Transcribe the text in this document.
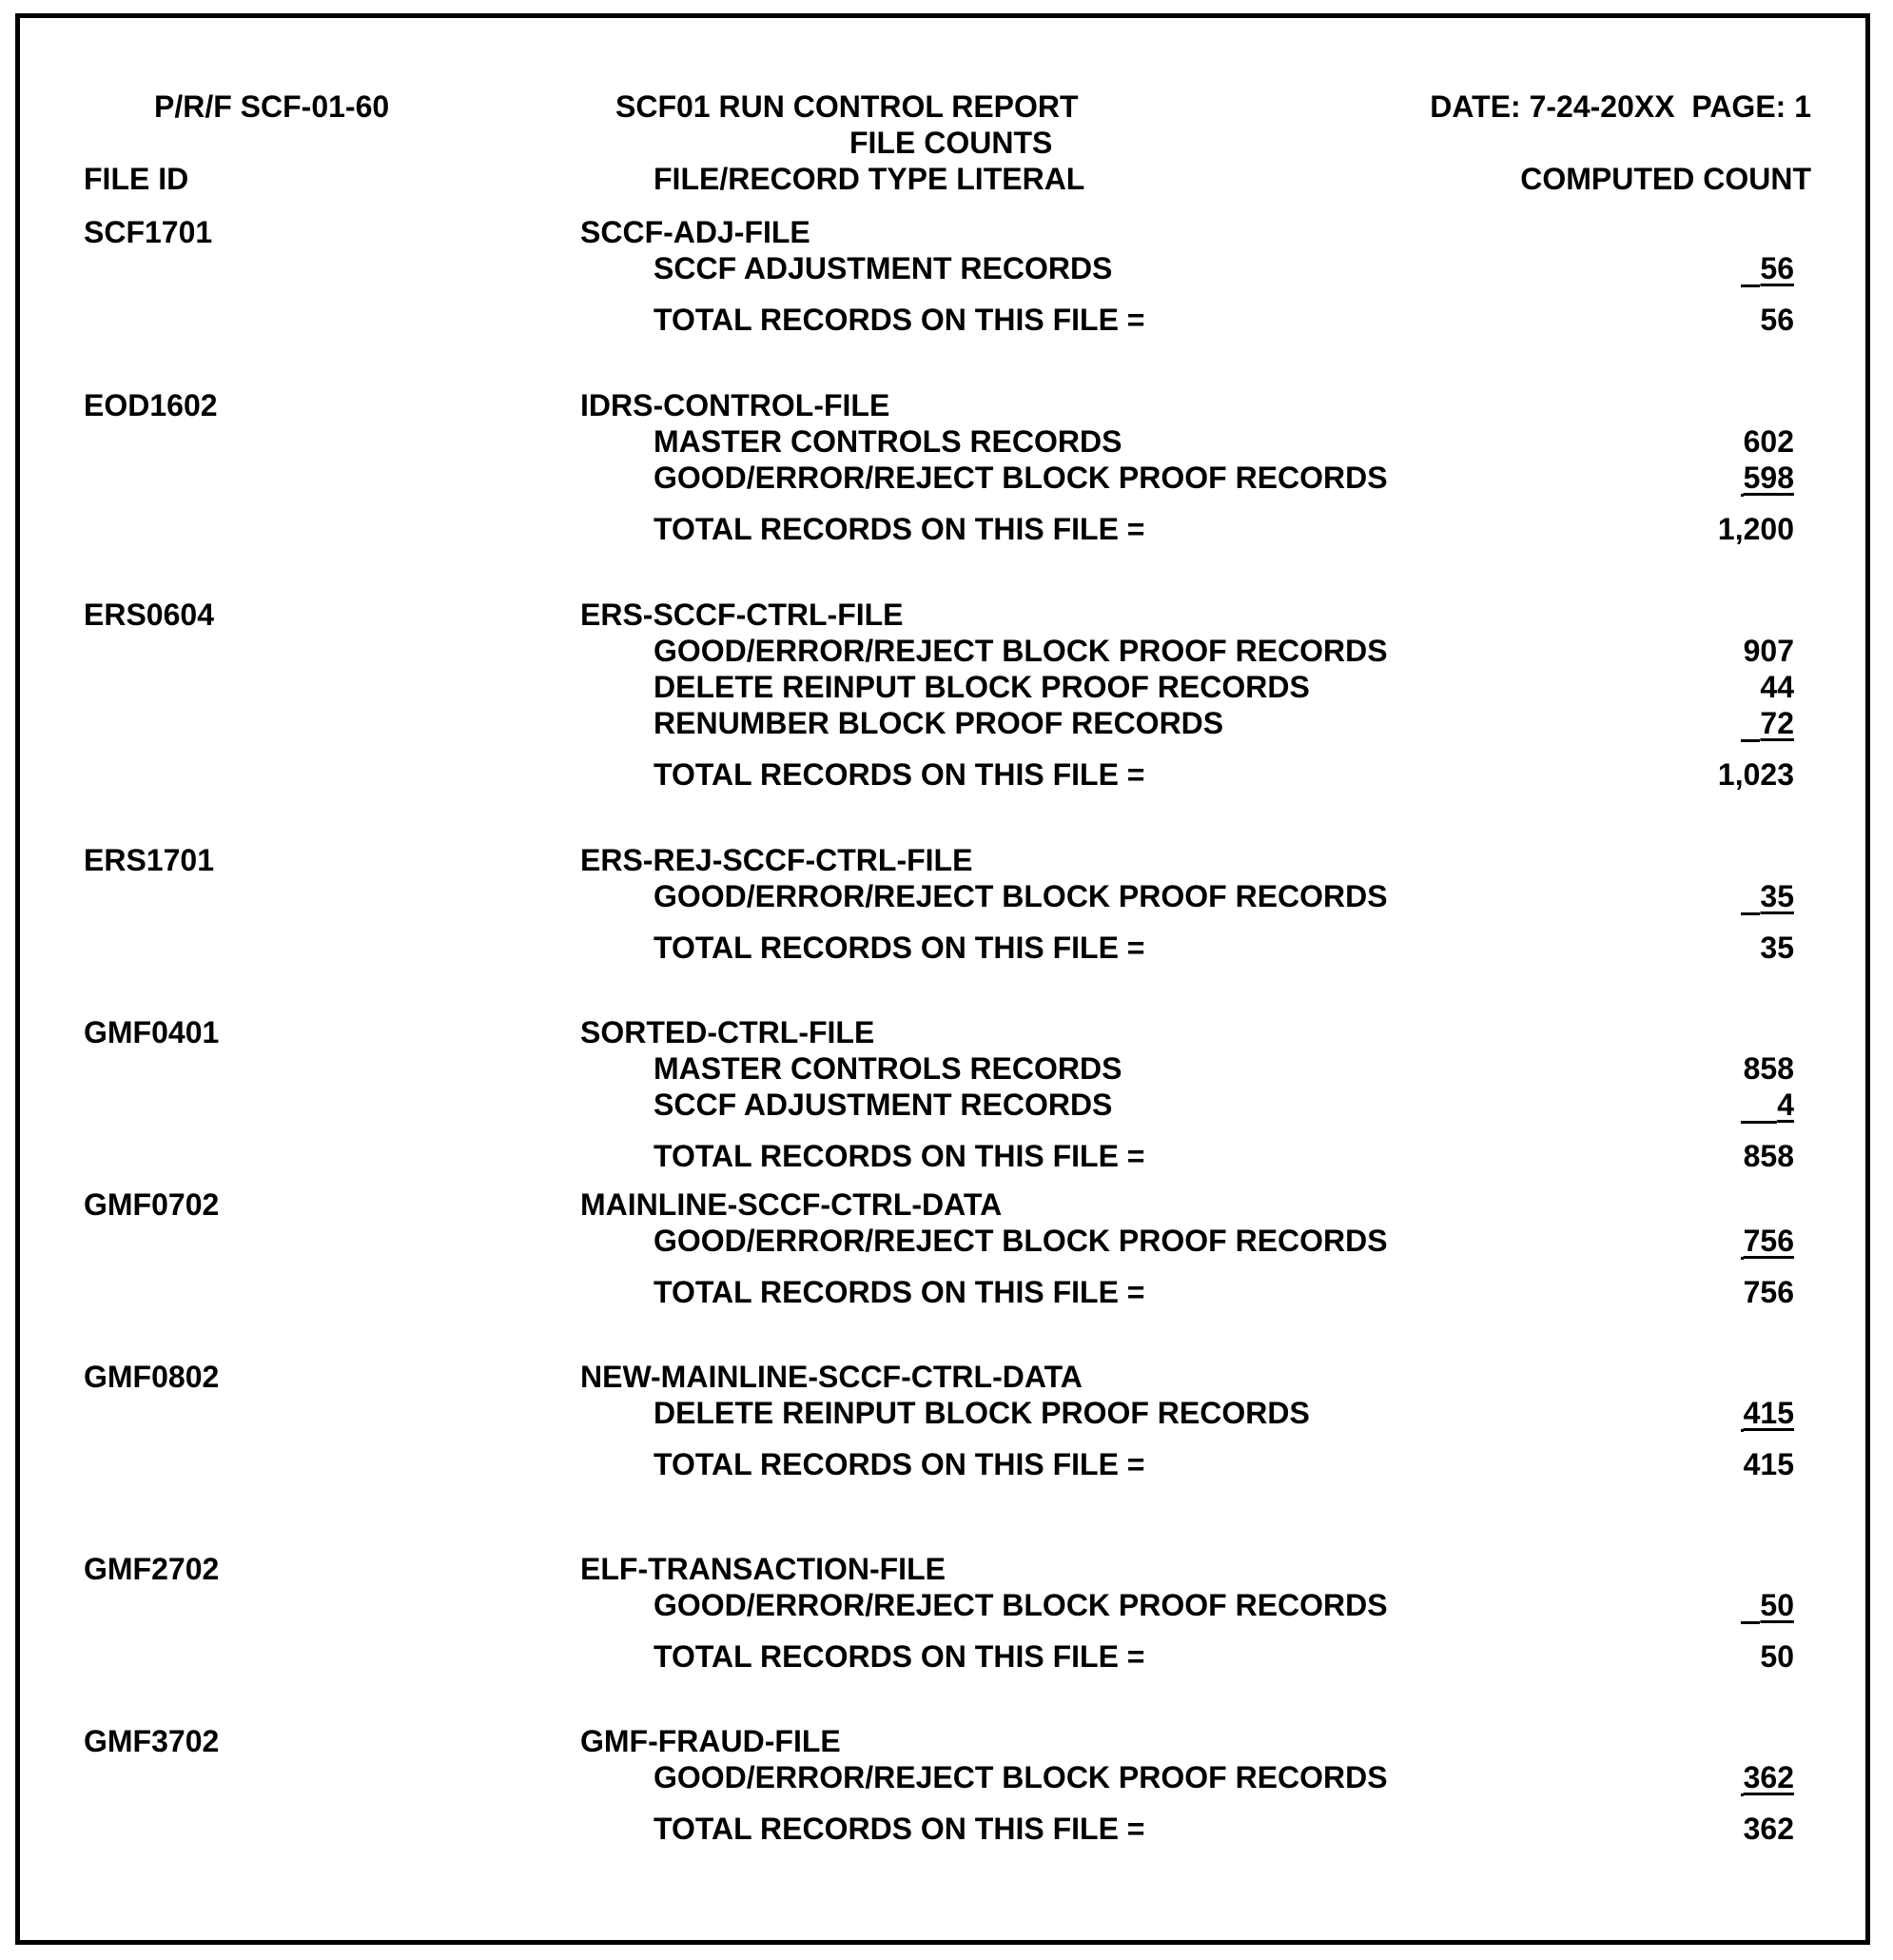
P/R/F SCF-01-60	SCF01 RUN CONTROL REPORT
FILE COUNTS
DATE: 7-24-20XX  PAGE: 1
FILE ID	FILE/RECORD TYPE LITERAL	COMPUTED COUNT
SCF1701	SCCF-ADJ-FILE
SCCF ADJUSTMENT RECORDS	56
TOTAL RECORDS ON THIS FILE =	56
EOD1602	IDRS-CONTROL-FILE
MASTER CONTROLS RECORDS	602
GOOD/ERROR/REJECT BLOCK PROOF RECORDS	598
TOTAL RECORDS ON THIS FILE =	1,200
ERS0604	ERS-SCCF-CTRL-FILE
GOOD/ERROR/REJECT BLOCK PROOF RECORDS	907
DELETE REINPUT BLOCK PROOF RECORDS	44
RENUMBER BLOCK PROOF RECORDS	72
TOTAL RECORDS ON THIS FILE =	1,023
ERS1701	ERS-REJ-SCCF-CTRL-FILE
GOOD/ERROR/REJECT BLOCK PROOF RECORDS	35
TOTAL RECORDS ON THIS FILE =	35
GMF0401	SORTED-CTRL-FILE
MASTER CONTROLS RECORDS	858
SCCF ADJUSTMENT RECORDS	4
TOTAL RECORDS ON THIS FILE =	858
GMF0702	MAINLINE-SCCF-CTRL-DATA
GOOD/ERROR/REJECT BLOCK PROOF RECORDS	756
TOTAL RECORDS ON THIS FILE =	756
GMF0802	NEW-MAINLINE-SCCF-CTRL-DATA
DELETE REINPUT BLOCK PROOF RECORDS	415
TOTAL RECORDS ON THIS FILE =	415
GMF2702	ELF-TRANSACTION-FILE
GOOD/ERROR/REJECT BLOCK PROOF RECORDS	50
TOTAL RECORDS ON THIS FILE =	50
GMF3702	GMF-FRAUD-FILE
GOOD/ERROR/REJECT BLOCK PROOF RECORDS	362
TOTAL RECORDS ON THIS FILE =	362
